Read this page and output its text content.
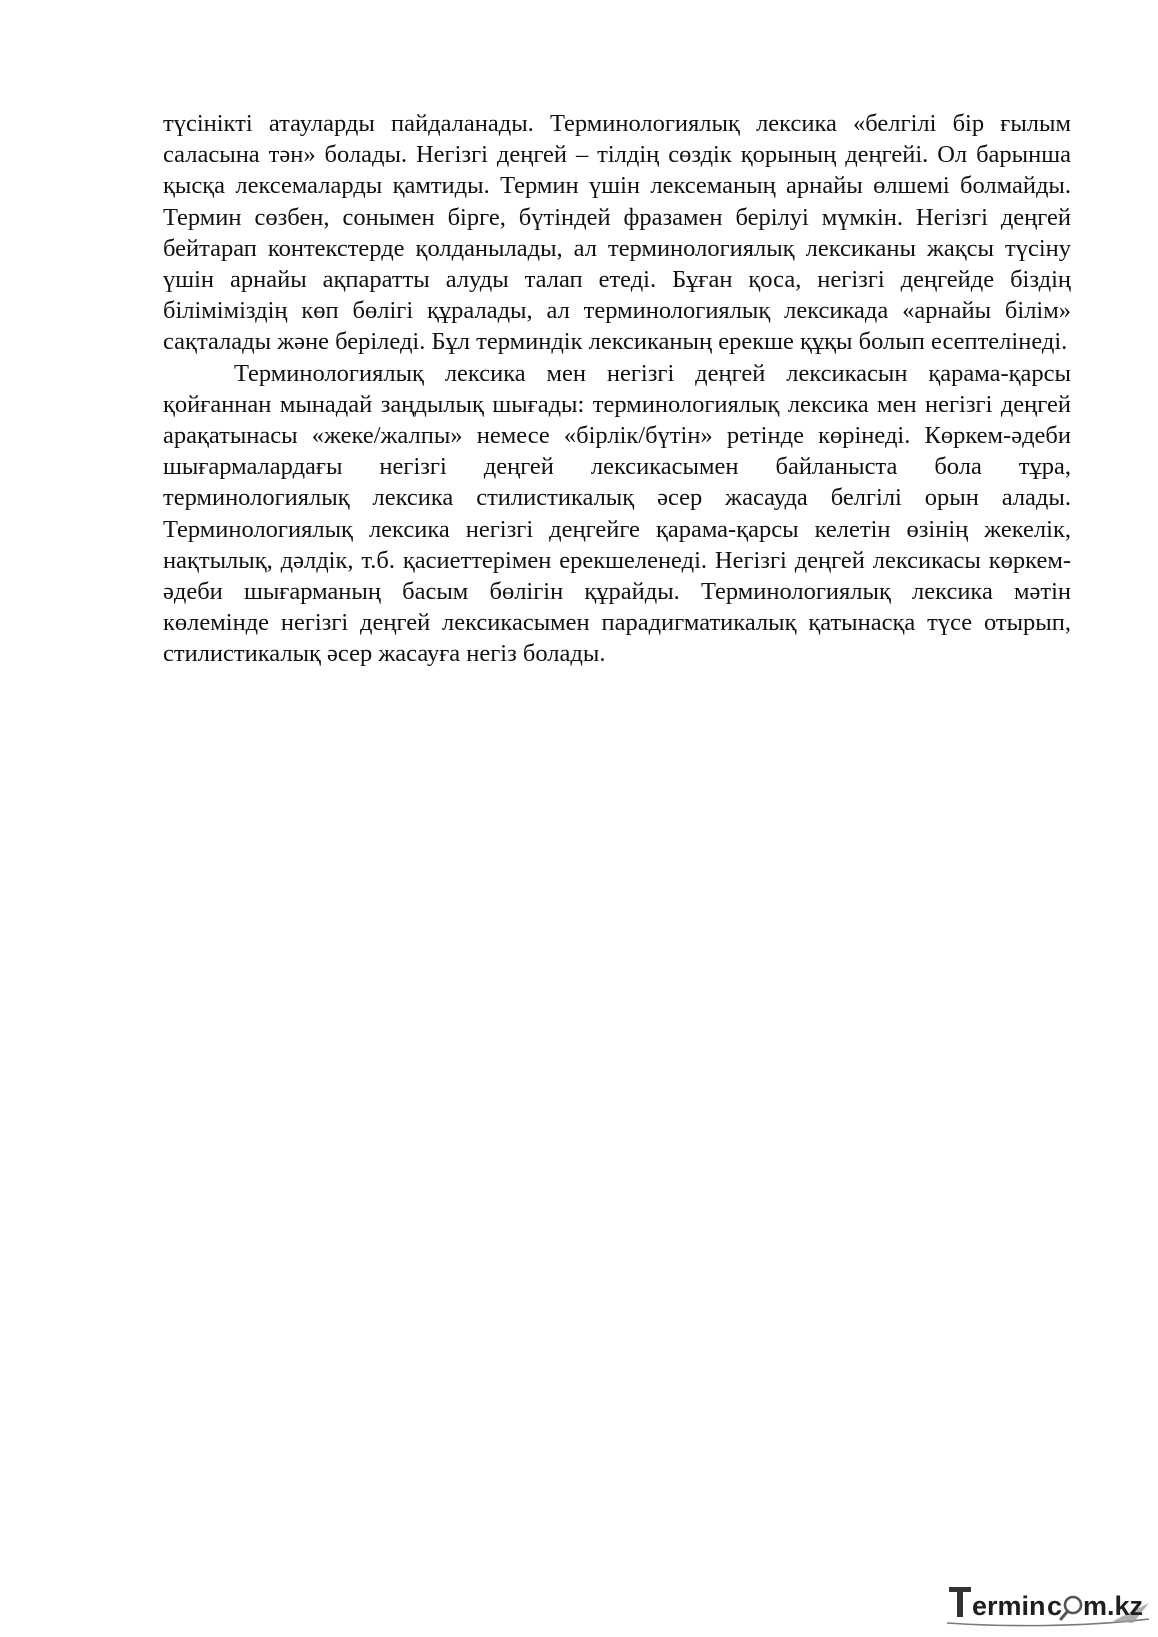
түсінікті атауларды пайдаланады. Терминологиялық лексика «белгілі бір ғылым саласына тән» болады. Негізгі деңгей – тілдің сөздік қорының деңгейі. Ол барынша қысқа лексемаларды қамтиды. Термин үшін лексеманың арнайы өлшемі болмайды. Термин сөзбен, сонымен бірге, бүтіндей фразамен берілуі мүмкін. Негізгі деңгей бейтарап контекстерде қолданылады, ал терминологиялық лексиканы жақсы түсіну үшін арнайы ақпаратты алуды талап етеді. Бұған қоса, негізгі деңгейде біздің біліміміздің көп бөлігі құралады, ал терминологиялық лексикада «арнайы білім» сақталады және беріледі. Бұл терминдік лексиканың ерекше құқы болып есептелінеді.

Терминологиялық лексика мен негізгі деңгей лексикасын қарама-қарсы қойғаннан мынадай заңдылық шығады: терминологиялық лексика мен негізгі деңгей арақатынасы «жеке/жалпы» немесе «бірлік/бүтін» ретінде көрінеді. Көркем-әдеби шығармалардағы негізгі деңгей лексикасымен байланыста бола тұра, терминологиялық лексика стилистикалық әсер жасауда белгілі орын алады. Терминологиялық лексика негізгі деңгейге қарама-қарсы келетін өзінің жекелік, нақтылық, дәлдік, т.б. қасиеттерімен ерекшеленеді. Негізгі деңгей лексикасы көркем-әдеби шығарманың басым бөлігін құрайды. Терминологиялық лексика мәтін көлемінде негізгі деңгей лексикасымен парадигматикалық қатынасқа түсе отырып, стилистикалық әсер жасауға негіз болады.

ermin c m.kz
